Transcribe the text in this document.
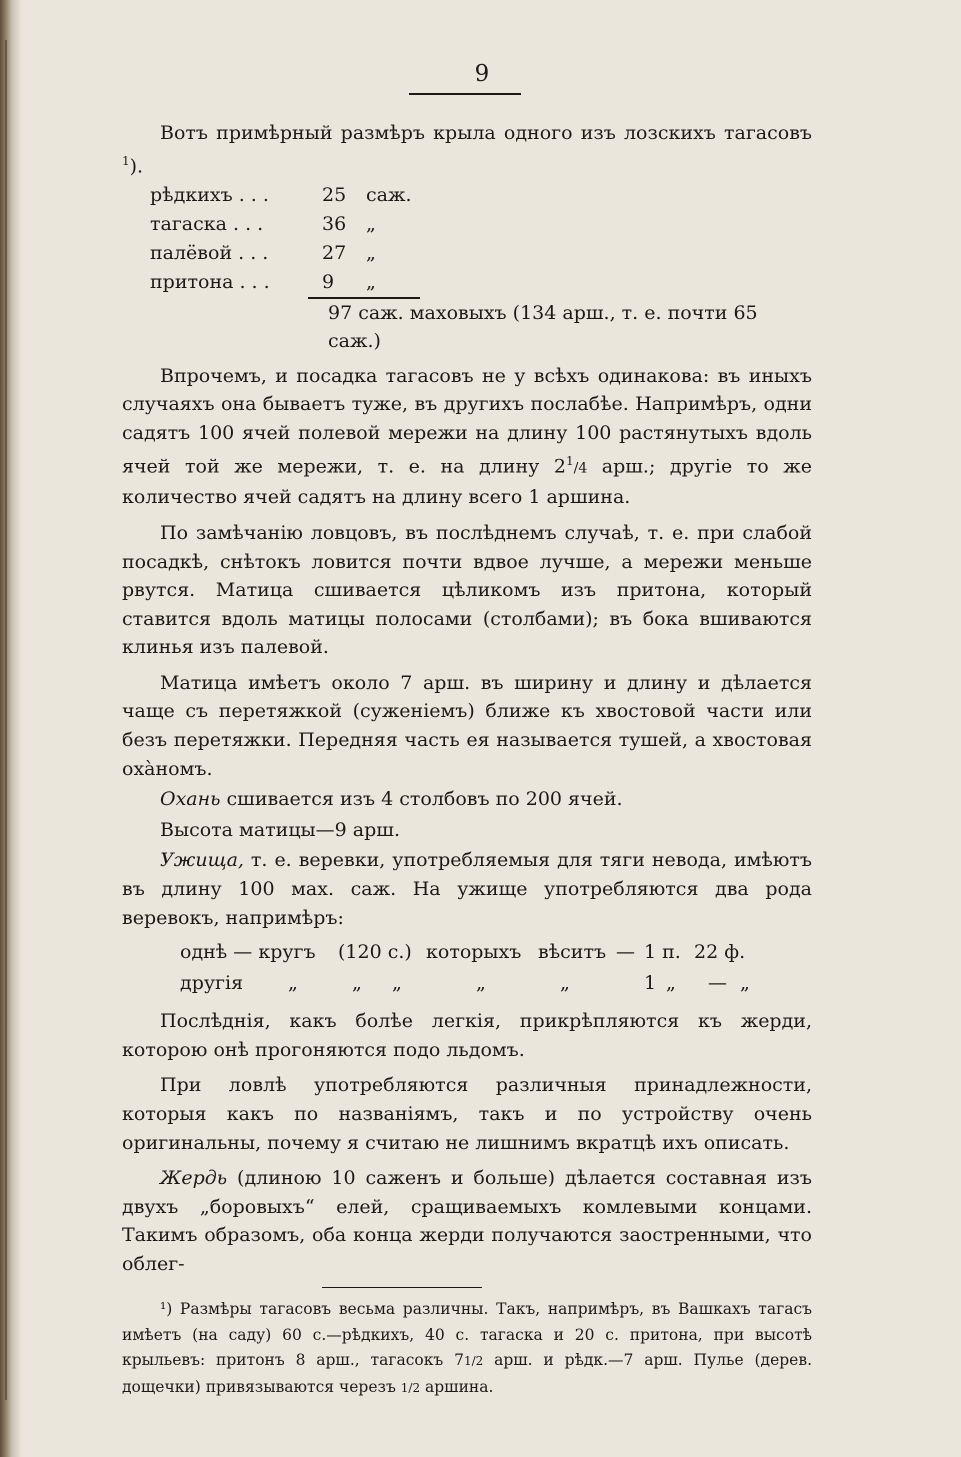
9

Вотъ примѣрный размѣръ крыла одного изъ лозскихъ тагасовъ $^1$).

рѣдкихъ . . .	25 саж.
тагаска . . .	36 „
палёвой . . .	27 „
притона . . .	9 „
97 саж. маховыхъ (134 арш., т. е. почти 65 саж.)

Впрочемъ, и посадка тагасовъ не у всѣхъ одинакова: въ иныхъ случаяхъ она бываетъ туже, въ другихъ послабѣе. Напримѣръ, одни садятъ 100 ячей полевой мережи на длину 100 растянутыхъ вдоль ячей той же мережи, т. е. на длину $2^1/4$ арш.; другіе то же количество ячей садятъ на длину всего 1 аршина.

По замѣчанію ловцовъ, въ послѣднемъ случаѣ, т. е. при слабой посадкѣ, снѣтокъ ловится почти вдвое лучше, а мережи меньше рвутся. Матица сшивается цѣликомъ изъ притона, который ставится вдоль матицы полосами (столбами); въ бока вшиваются клинья изъ палевой.

Матица имѣетъ около 7 арш. въ ширину и длину и дѣлается чаще съ перетяжкой (суженіемъ) ближе къ хвостовой части или безъ перетяжки. Передняя часть ея называется тушей, а хвостовая охàномъ.

Охань сшивается изъ 4 столбовъ по 200 ячей.

Высота матицы—9 арш.

Ужища, т. е. веревки, употребляемыя для тяги невода, имѣютъ въ длину 100 мах. саж. На ужище употребляются два рода веревокъ, напримѣръ:

однѣ — кругъ (120 с.) которыхъ вѣситъ — 1 п. 22 ф.
другія „	„ „	„	„	1 „ — „

Послѣднія, какъ болѣе легкія, прикрѣпляются къ жерди, которою онѣ прогоняются подо льдомъ.

При ловлѣ употребляются различныя принадлежности, которыя какъ по названіямъ, такъ и по устройству очень оригинальны, почему я считаю не лишнимъ вкратцѣ ихъ описать.

Жердь (длиною 10 саженъ и больше) дѣлается составная изъ двухъ „боровыхъ“ елей, сращиваемыхъ комлевыми концами. Такимъ образомъ, оба конца жерди получаются заостренными, что облег-

¹) Размѣры тагасовъ весьма различны. Такъ, напримѣръ, въ Вашкахъ тагасъ имѣетъ (на саду) 60 с.—рѣдкихъ, 40 с. тагаска и 20 с. притона, при высотѣ крыльевъ: притонъ 8 арш., тагасокъ 71/2 арш. и рѣдк.—7 арш. Пулье (дерев. дощечки) привязываются черезъ 1/2 аршина.
